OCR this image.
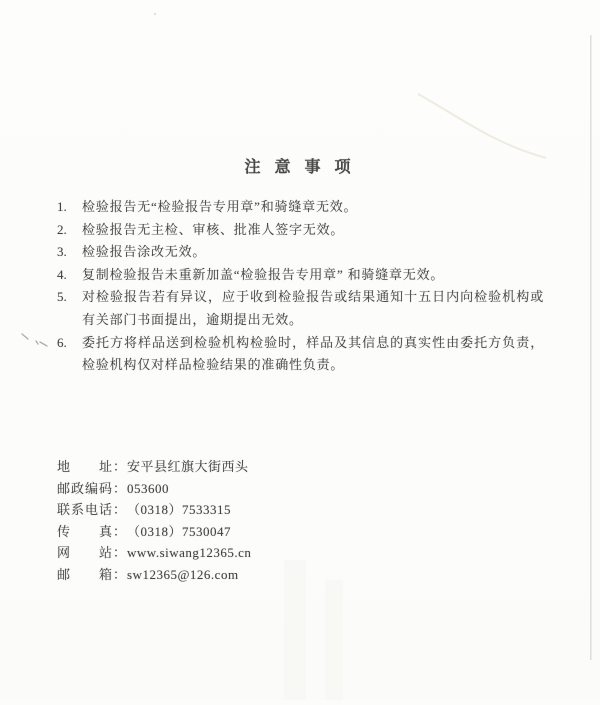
注 意 事 项
1.	检验报告无“检验报告专用章”和骑缝章无效。
2.	检验报告无主检、审核、批准人签字无效。
3.	检验报告涂改无效。
4.	复制检验报告未重新加盖“检验报告专用章” 和骑缝章无效。
5.	对检验报告若有异议，应于收到检验报告或结果通知十五日内向检验机构或有关部门书面提出，逾期提出无效。
6.	委托方将样品送到检验机构检验时，样品及其信息的真实性由委托方负责，检验机构仅对样品检验结果的准确性负责。
地　　址： 安平县红旗大街西头
邮政编码： 053600
联系电话： （0318）7533315
传　　真： （0318）7530047
网　　站： www.siwang12365.cn
邮　　箱： sw12365@126.com
